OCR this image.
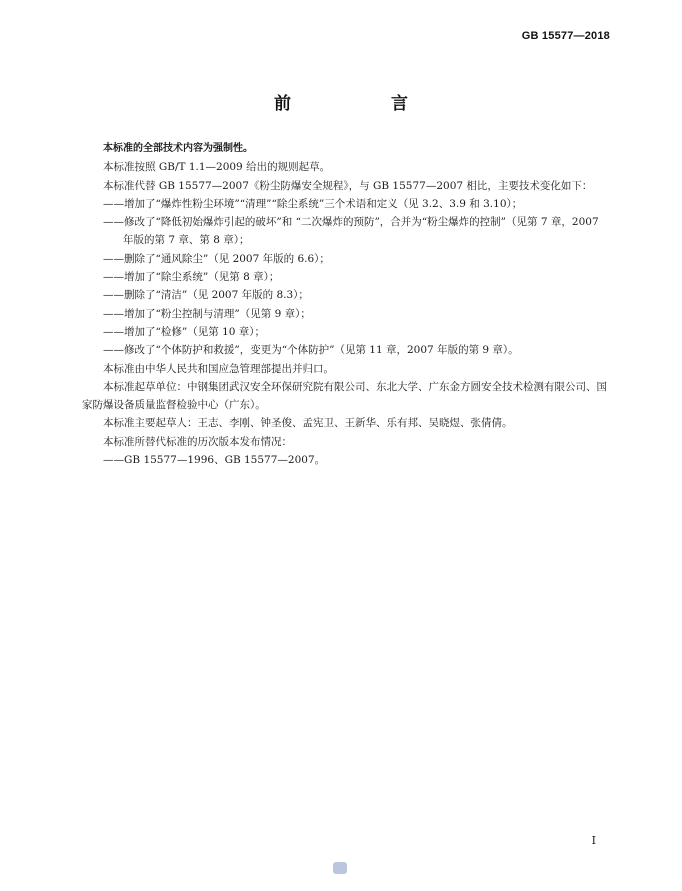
GB 15577—2018
前　　言

本标准的全部技术内容为强制性。

本标准按照 GB/T 1.1—2009 给出的规则起草。

本标准代替 GB 15577—2007《粉尘防爆安全规程》，与 GB 15577—2007 相比，主要技术变化如下：

——增加了“爆炸性粉尘环境”“清理”“除尘系统”三个术语和定义（见 3.2、3.9 和 3.10）；

——修改了“降低初始爆炸引起的破坏”和 “二次爆炸的预防”，合并为“粉尘爆炸的控制”（见第 7 章，2007 年版的第 7 章、第 8 章）；

——删除了“通风除尘”（见 2007 年版的 6.6）；

——增加了“除尘系统”（见第 8 章）；

——删除了“清洁”（见 2007 年版的 8.3）；

——增加了“粉尘控制与清理”（见第 9 章）；

——增加了“检修”（见第 10 章）；

——修改了“个体防护和救援”，变更为“个体防护”（见第 11 章，2007 年版的第 9 章）。

本标准由中华人民共和国应急管理部提出并归口。

本标准起草单位：中钢集团武汉安全环保研究院有限公司、东北大学、广东金方圆安全技术检测有限公司、国家防爆设备质量监督检验中心（广东）。

本标准主要起草人：王志、李刚、钟圣俊、孟宪卫、王新华、乐有邦、吴晓煜、张倩倩。

本标准所替代标准的历次版本发布情况：

——GB 15577—1996、GB 15577—2007。

I
